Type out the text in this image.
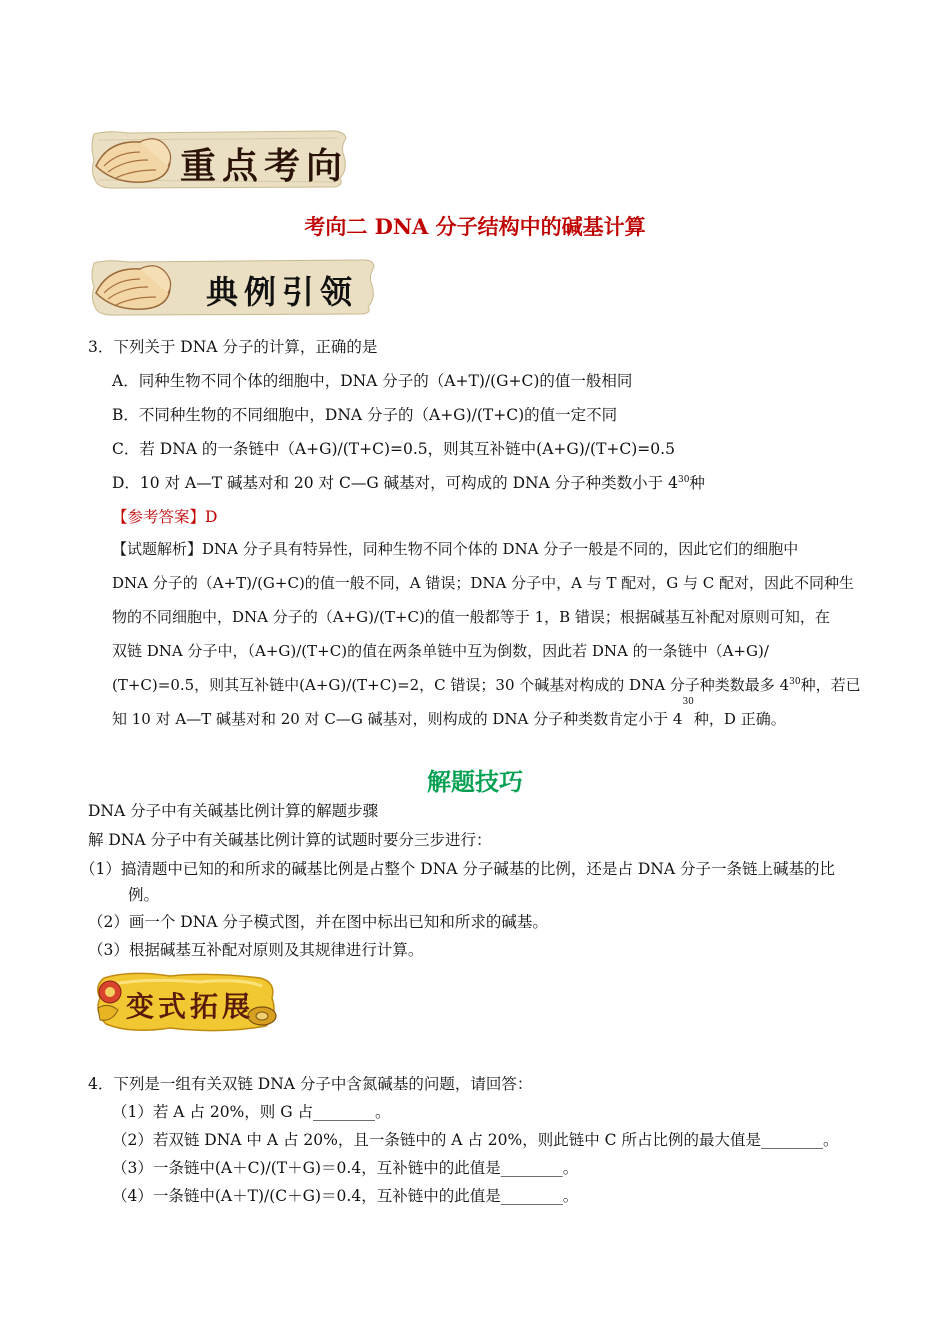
重点考向
考向二 DNA 分子结构中的碱基计算
典例引领
3．下列关于 DNA 分子的计算，正确的是
A．同种生物不同个体的细胞中，DNA 分子的（A+T)/(G+C)的值一般相同
B．不同种生物的不同细胞中，DNA 分子的（A+G)/(T+C)的值一定不同
C．若 DNA 的一条链中（A+G)/(T+C)=0.5，则其互补链中(A+G)/(T+C)=0.5
D．10 对 A—T 碱基对和 20 对 C—G 碱基对，可构成的 DNA 分子种类数小于 $4^{30}$种
【参考答案】D
【试题解析】DNA 分子具有特异性，同种生物不同个体的 DNA 分子一般是不同的，因此它们的细胞中
DNA 分子的（A+T)/(G+C)的值一般不同，A 错误；DNA 分子中，A 与 T 配对，G 与 C 配对，因此不同种生
物的不同细胞中，DNA 分子的（A+G)/(T+C)的值一般都等于 1，B 错误；根据碱基互补配对原则可知，在
双链 DNA 分子中，（A+G)/(T+C)的值在两条单链中互为倒数，因此若 DNA 的一条链中（A+G)/
(T+C)=0.5，则其互补链中(A+G)/(T+C)=2，C 错误；30 个碱基对构成的 DNA 分子种类数最多 $4^{30}$种，若已
知 10 对 A—T 碱基对和 20 对 C—G 碱基对，则构成的 DNA 分子种类数肯定小于 4
30
种，D 正确。
解题技巧
DNA 分子中有关碱基比例计算的解题步骤
解 DNA 分子中有关碱基比例计算的试题时要分三步进行：
（1）搞清题中已知的和所求的碱基比例是占整个 DNA 分子碱基的比例，还是占 DNA 分子一条链上碱基的比
例。
（2）画一个 DNA 分子模式图，并在图中标出已知和所求的碱基。
（3）根据碱基互补配对原则及其规律进行计算。
变式拓展
4．下列是一组有关双链 DNA 分子中含氮碱基的问题，请回答：
（1）若 A 占 20%，则 G 占________。
（2）若双链 DNA 中 A 占 20%，且一条链中的 A 占 20%，则此链中 C 所占比例的最大值是________。
（3）一条链中(A＋C)/(T＋G)＝0.4，互补链中的此值是________。
（4）一条链中(A＋T)/(C＋G)＝0.4，互补链中的此值是________。
